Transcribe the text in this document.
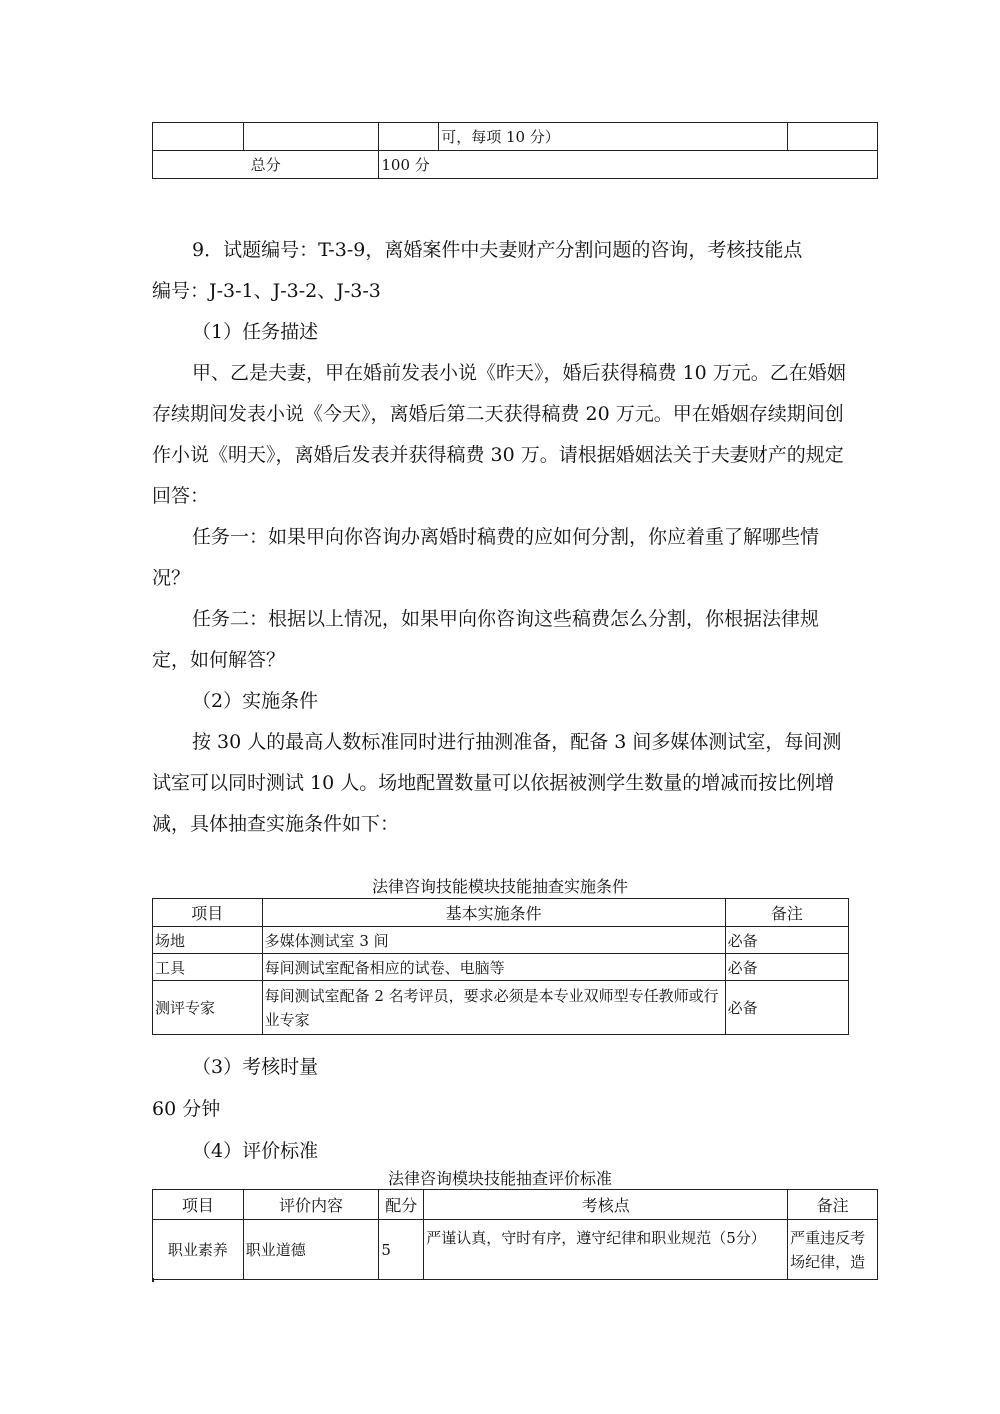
			可，每项 10 分）	
总分		100 分		

9．试题编号：T-3-9，离婚案件中夫妻财产分割问题的咨询，考核技能点

编号：J-3-1、J-3-2、J-3-3

（1）任务描述

甲、乙是夫妻，甲在婚前发表小说《昨天》，婚后获得稿费 10 万元。乙在婚姻存续期间发表小说《今天》，离婚后第二天获得稿费 20 万元。甲在婚姻存续期间创作小说《明天》，离婚后发表并获得稿费 30 万。请根据婚姻法关于夫妻财产的规定回答：

任务一：如果甲向你咨询办离婚时稿费的应如何分割，你应着重了解哪些情况？

任务二：根据以上情况，如果甲向你咨询这些稿费怎么分割，你根据法律规定，如何解答？

（2）实施条件

按 30 人的最高人数标准同时进行抽测准备，配备 3 间多媒体测试室，每间测试室可以同时测试 10 人。场地配置数量可以依据被测学生数量的增减而按比例增减，具体抽查实施条件如下：

法律咨询技能模块技能抽查实施条件
项目	基本实施条件	备注
场地	多媒体测试室 3 间	必备
工具	每间测试室配备相应的试卷、电脑等	必备
测评专家	每间测试室配备 2 名考评员，要求必须是本专业双师型专任教师或行业专家	必备
（3）考核时量
60 分钟
（4）评价标准
法律咨询模块技能抽查评价标准
项目	评价内容	配分	考核点	备注
职业素养	职业道德	5	严谨认真，守时有序，遵守纪律和职业规范（5分）	严重违反考场纪律，造
